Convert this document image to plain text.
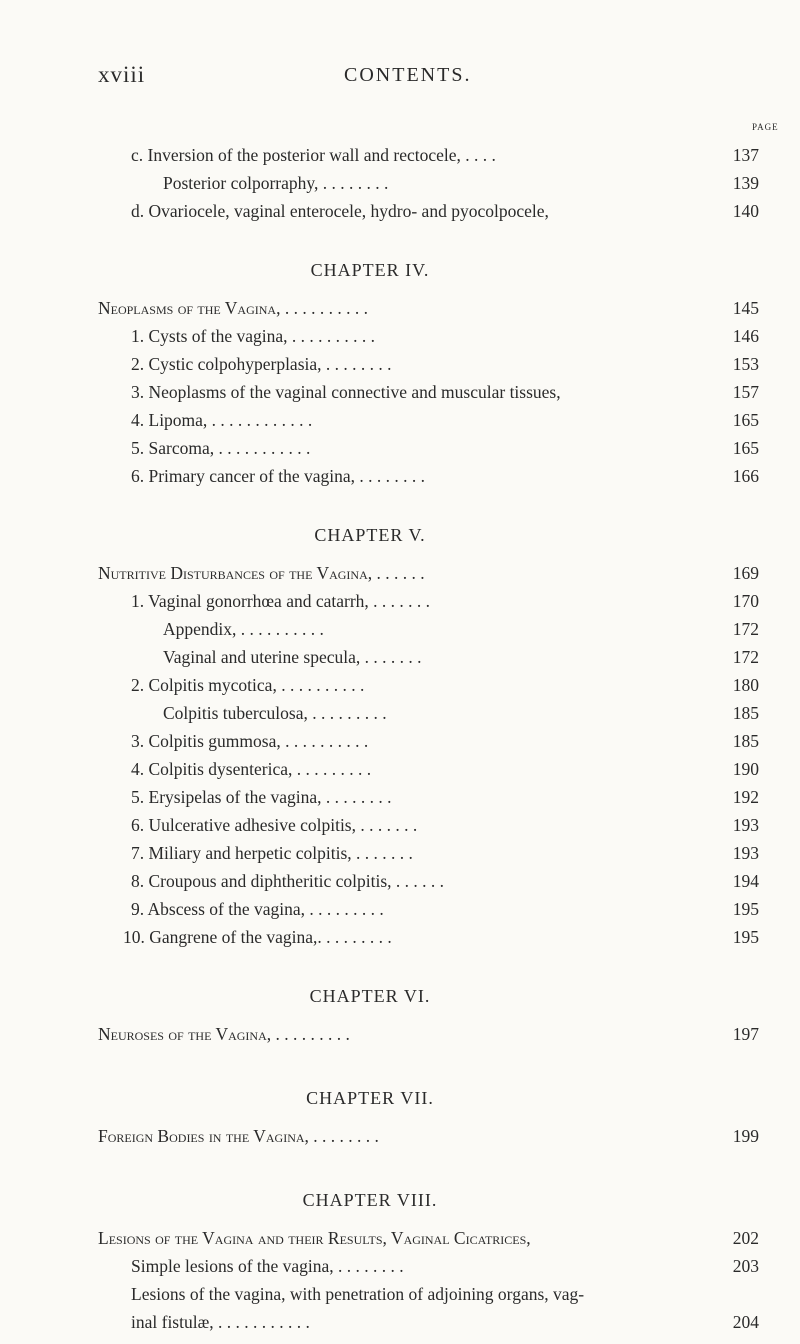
xviii	CONTENTS.
PAGE
c. Inversion of the posterior wall and rectocele, . . . .	137
Posterior colporraphy, . . . . . . . .	139
d. Ovariocele, vaginal enterocele, hydro- and pyocolpocele,	140
CHAPTER IV.
Neoplasms of the Vagina, . . . . . . . . . .	145
1. Cysts of the vagina, . . . . . . . . . .	146
2. Cystic colpohyperplasia, . . . . . . . .	153
3. Neoplasms of the vaginal connective and muscular tissues,	157
4. Lipoma, . . . . . . . . . . . .	165
5. Sarcoma, . . . . . . . . . . .	165
6. Primary cancer of the vagina, . . . . . . . .	166
CHAPTER V.
Nutritive Disturbances of the Vagina, . . . . . .	169
1. Vaginal gonorrhœa and catarrh, . . . . . . .	170
Appendix, . . . . . . . . . .	172
Vaginal and uterine specula, . . . . . . .	172
2. Colpitis mycotica, . . . . . . . . . .	180
Colpitis tuberculosa, . . . . . . . . .	185
3. Colpitis gummosa, . . . . . . . . . .	185
4. Colpitis dysenterica, . . . . . . . . .	190
5. Erysipelas of the vagina, . . . . . . . .	192
6. Uulcerative adhesive colpitis, . . . . . . .	193
7. Miliary and herpetic colpitis, . . . . . . .	193
8. Croupous and diphtheritic colpitis, . . . . . .	194
9. Abscess of the vagina, . . . . . . . . .	195
10. Gangrene of the vagina,. . . . . . . . .	195
CHAPTER VI.
Neuroses of the Vagina, . . . . . . . . .	197
CHAPTER VII.
Foreign Bodies in the Vagina, . . . . . . . .	199
CHAPTER VIII.
Lesions of the Vagina and their Results, Vaginal Cicatrices,	202
Simple lesions of the vagina, . . . . . . . .	203
Lesions of the vagina, with penetration of adjoining organs, vag-
inal fistulæ, . . . . . . . . . . .	204
